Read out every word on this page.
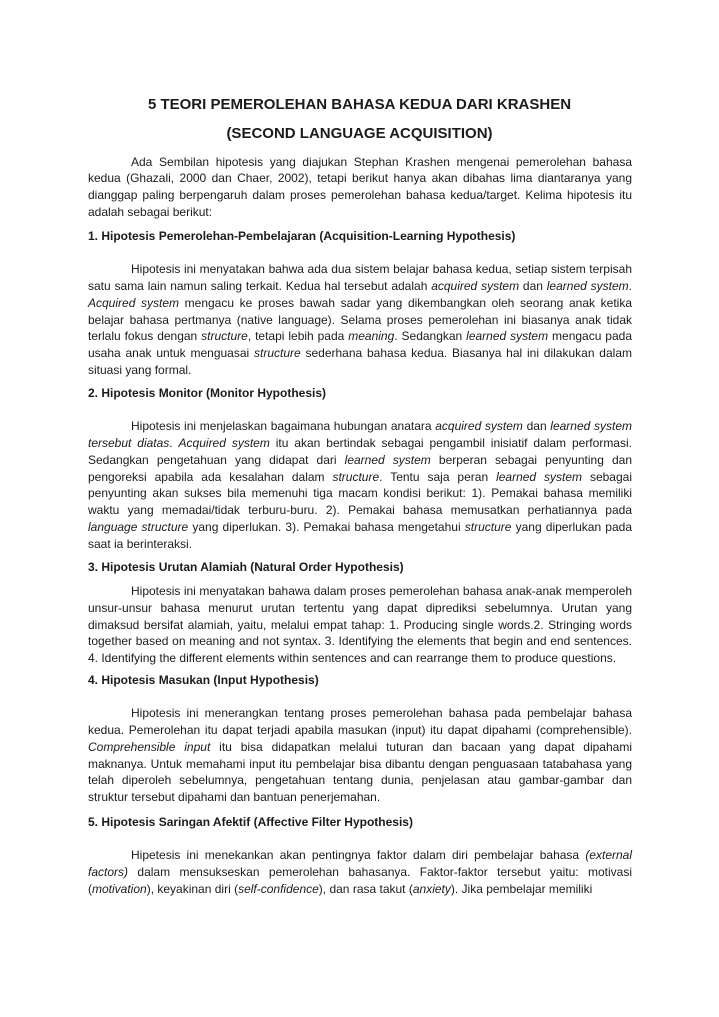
5 TEORI PEMEROLEHAN BAHASA KEDUA DARI KRASHEN
(SECOND LANGUAGE ACQUISITION)

Ada Sembilan hipotesis yang diajukan Stephan Krashen mengenai pemerolehan bahasa kedua (Ghazali, 2000 dan Chaer, 2002), tetapi berikut hanya akan dibahas lima diantaranya yang dianggap paling berpengaruh dalam proses pemerolehan bahasa kedua/target. Kelima hipotesis itu adalah sebagai berikut:

1. Hipotesis Pemerolehan-Pembelajaran (Acquisition-Learning Hypothesis)

Hipotesis ini menyatakan bahwa ada dua sistem belajar bahasa kedua, setiap sistem terpisah satu sama lain namun saling terkait. Kedua hal tersebut adalah acquired system dan learned system. Acquired system mengacu ke proses bawah sadar yang dikembangkan oleh seorang anak ketika belajar bahasa pertmanya (native language). Selama proses pemerolehan ini biasanya anak tidak terlalu fokus dengan structure, tetapi lebih pada meaning. Sedangkan learned system mengacu pada usaha anak untuk menguasai structure sederhana bahasa kedua. Biasanya hal ini dilakukan dalam situasi yang formal.

2. Hipotesis Monitor (Monitor Hypothesis)

Hipotesis ini menjelaskan bagaimana hubungan anatara acquired system dan learned system tersebut diatas. Acquired system itu akan bertindak sebagai pengambil inisiatif dalam performasi. Sedangkan pengetahuan yang didapat dari learned system berperan sebagai penyunting dan pengoreksi apabila ada kesalahan dalam structure. Tentu saja peran learned system sebagai penyunting akan sukses bila memenuhi tiga macam kondisi berikut: 1). Pemakai bahasa memiliki waktu yang memadai/tidak terburu-buru. 2). Pemakai bahasa memusatkan perhatiannya pada language structure yang diperlukan. 3). Pemakai bahasa mengetahui structure yang diperlukan pada saat ia berinteraksi.

3. Hipotesis Urutan Alamiah (Natural Order Hypothesis)

Hipotesis ini menyatakan bahawa dalam proses pemerolehan bahasa anak-anak memperoleh unsur-unsur bahasa menurut urutan tertentu yang dapat diprediksi sebelumnya. Urutan yang dimaksud bersifat alamiah, yaitu, melalui empat tahap: 1. Producing single words.2. Stringing words together based on meaning and not syntax. 3. Identifying the elements that begin and end sentences. 4. Identifying the different elements within sentences and can rearrange them to produce questions.

4. Hipotesis Masukan (Input Hypothesis)

Hipotesis ini menerangkan tentang proses pemerolehan bahasa pada pembelajar bahasa kedua. Pemerolehan itu dapat terjadi apabila masukan (input) itu dapat dipahami (comprehensible). Comprehensible input itu bisa didapatkan melalui tuturan dan bacaan yang dapat dipahami maknanya. Untuk memahami input itu pembelajar bisa dibantu dengan penguasaan tatabahasa yang telah diperoleh sebelumnya, pengetahuan tentang dunia, penjelasan atau gambar-gambar dan struktur tersebut dipahami dan bantuan penerjemahan.

5. Hipotesis Saringan Afektif (Affective Filter Hypothesis)

Hipetesis ini menekankan akan pentingnya faktor dalam diri pembelajar bahasa (external factors) dalam mensukseskan pemerolehan bahasanya. Faktor-faktor tersebut yaitu: motivasi (motivation), keyakinan diri (self-confidence), dan rasa takut (anxiety). Jika pembelajar memiliki
